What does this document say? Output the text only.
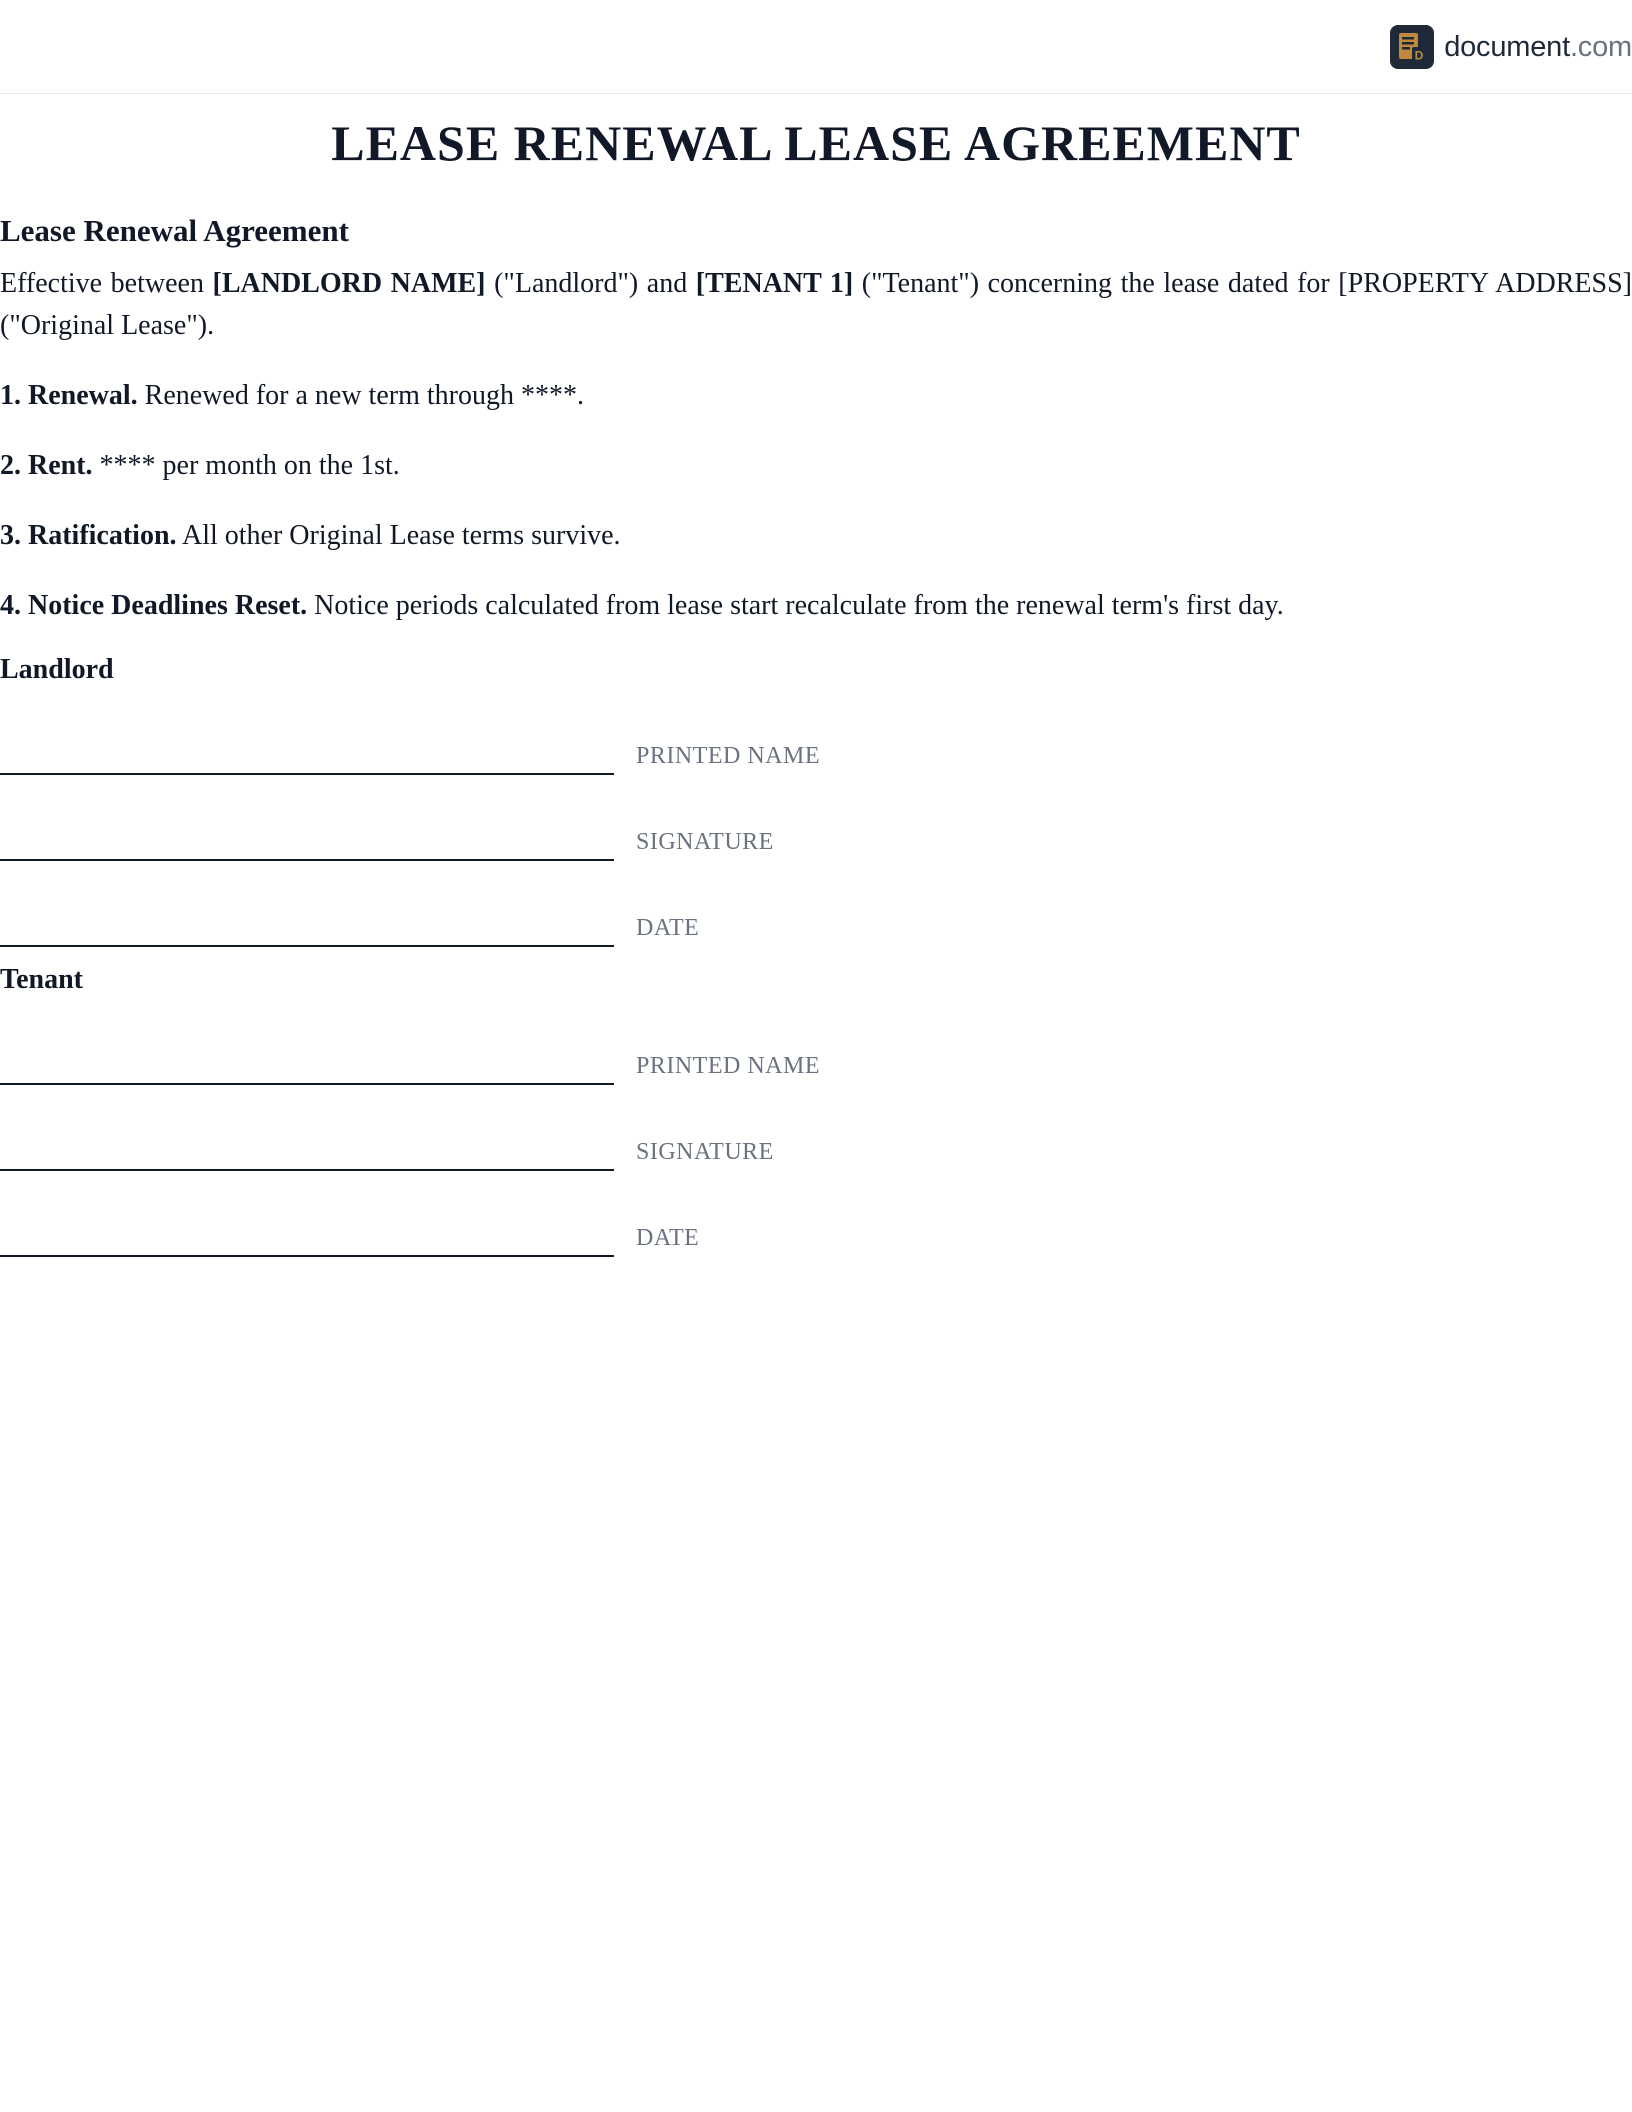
D document.com
LEASE RENEWAL LEASE AGREEMENT
Lease Renewal Agreement

Effective between [LANDLORD NAME] ("Landlord") and [TENANT 1] ("Tenant") concerning the lease dated for [PROPERTY ADDRESS] ("Original Lease").

1. Renewal. Renewed for a new term through ****.

2. Rent. **** per month on the 1st.

3. Ratification. All other Original Lease terms survive.

4. Notice Deadlines Reset. Notice periods calculated from lease start recalculate from the renewal term's first day.

Landlord
PRINTED NAME
SIGNATURE
DATE
Tenant
PRINTED NAME
SIGNATURE
DATE
